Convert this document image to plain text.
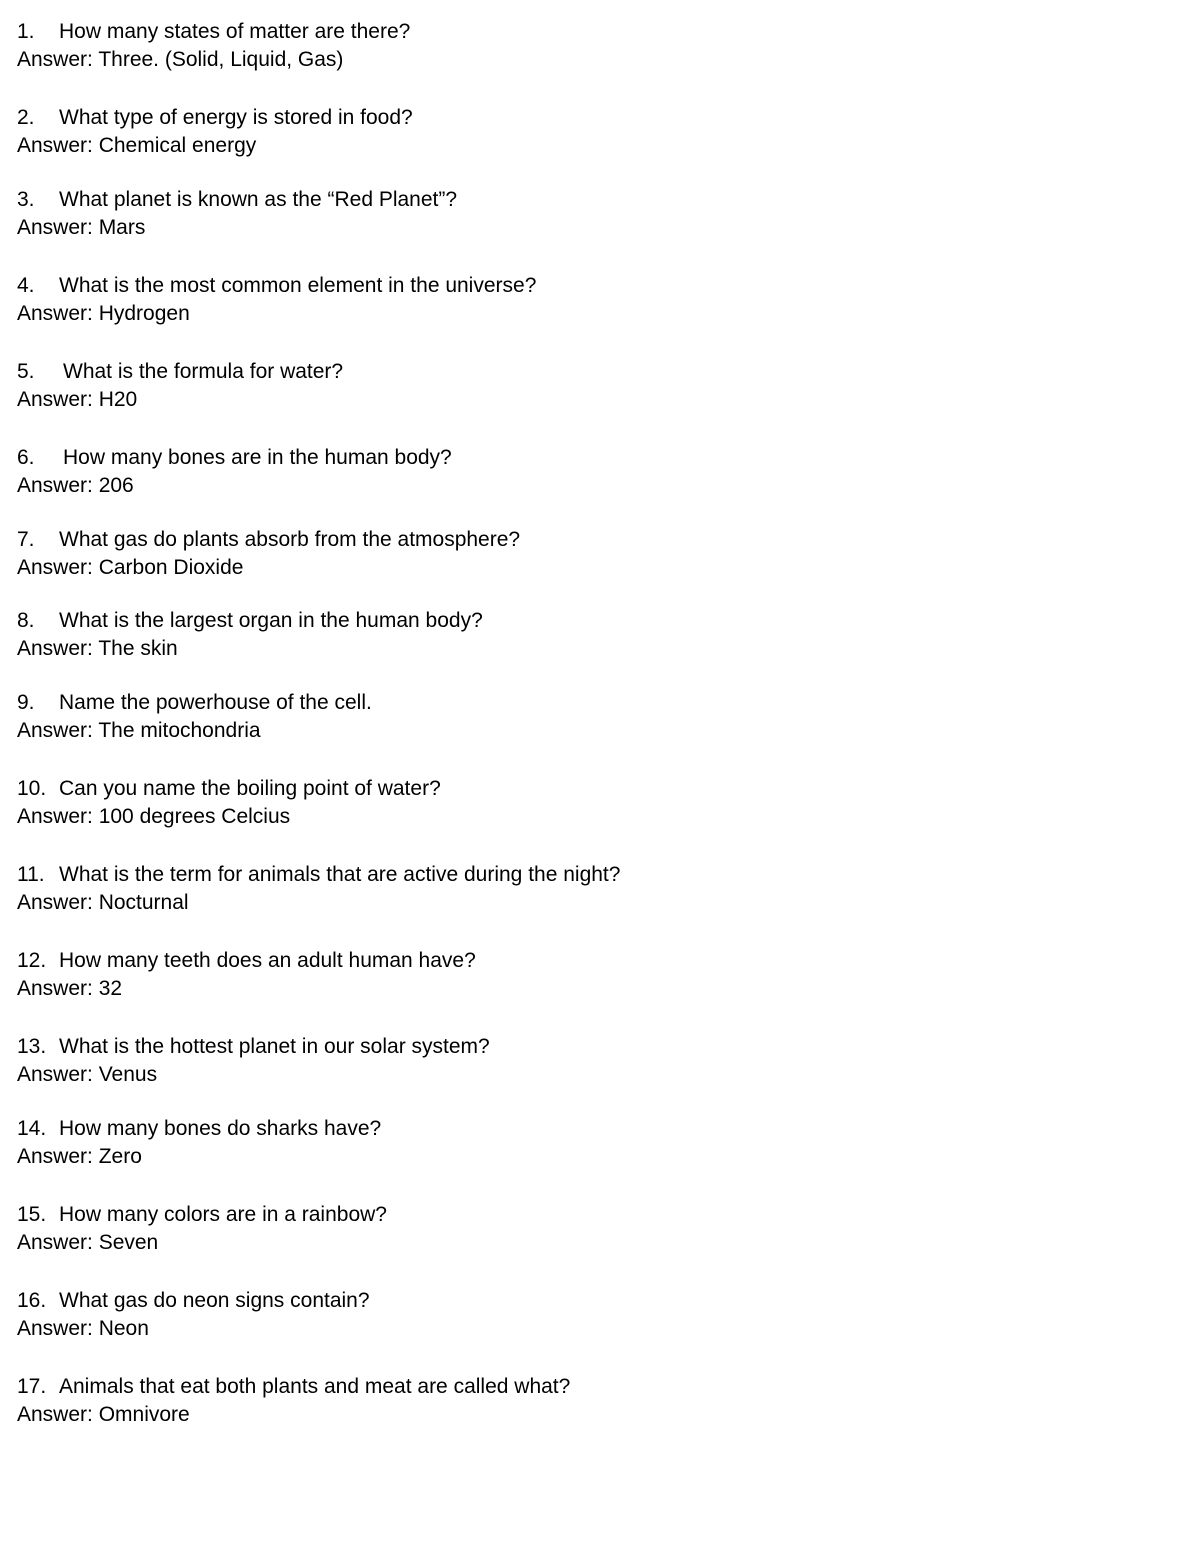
1.	How many states of matter are there?
Answer: Three. (Solid, Liquid, Gas)
2.	What type of energy is stored in food?
Answer: Chemical energy
3.	What planet is known as the “Red Planet”?
Answer: Mars
4.	What is the most common element in the universe?
Answer: Hydrogen
5.	What is the formula for water?
Answer: H20
6.	How many bones are in the human body?
Answer: 206
7.	What gas do plants absorb from the atmosphere?
Answer: Carbon Dioxide
8.	What is the largest organ in the human body?
Answer: The skin
9.	Name the powerhouse of the cell.
Answer: The mitochondria
10. Can you name the boiling point of water?
Answer: 100 degrees Celcius
11. What is the term for animals that are active during the night?
Answer: Nocturnal
12. How many teeth does an adult human have?
Answer: 32
13. What is the hottest planet in our solar system?
Answer: Venus
14. How many bones do sharks have?
Answer: Zero
15. How many colors are in a rainbow?
Answer: Seven
16. What gas do neon signs contain?
Answer: Neon
17. Animals that eat both plants and meat are called what?
Answer: Omnivore
